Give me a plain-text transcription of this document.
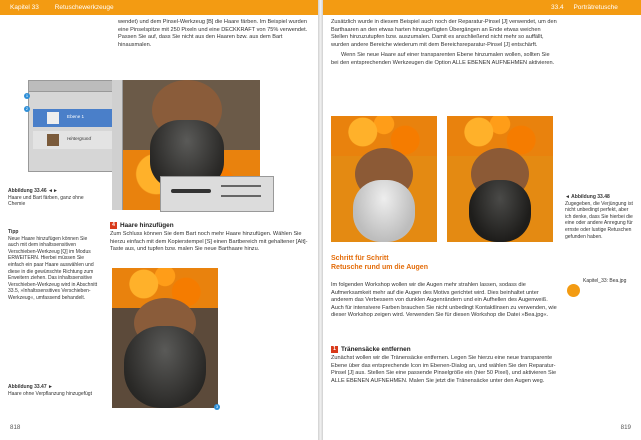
Kapitel 33 Retuschewerkzeuge
wendet) und dem Pinsel-Werkzeug [B] die Haare färben. Im Beispiel wurden eine Pinselspitze mit 250 Pixeln und eine DECKKRAFT von 75% verwendet. Passen Sie auf, dass Sie nicht aus den Haaren bzw. aus dem Bart hinausmalen.
Ebene 1
Hintergrund
1
2
Abbildung 33.46 ◄►
Haare und Bart färben, ganz ohne Chemie
Tipp
Neue Haare hinzufügen können Sie auch mit dem inhaltssensitiven Verschieben-Werkzeug [Q] im Modus ERWEITERN. Hierbei müssen Sie einfach ein paar Haare auswählen und diese in die gewünschte Richtung zum Erweitern ziehen. Das inhaltssensitive Verschieben-Werkzeug wird in Abschnitt 33.5, »Inhaltssensitives Verschieben-Werkzeug«, umfassend behandelt.
4 Haare hinzufügen
Zum Schluss können Sie dem Bart noch mehr Haare hinzufügen. Wählen Sie hierzu einfach mit dem Kopierstempel [S] einen Bartbereich mit gehaltener [Alt]-Taste aus, und tupfen bzw. malen Sie neue Barthaare hinzu.
3
Abbildung 33.47 ►
Haare ohne Verpflanzung hinzugefügt
818
33.4 Porträtretusche

Zusätzlich wurde in diesem Beispiel auch noch der Reparatur-Pinsel [J] verwendet, um den Barthaaren an den etwas harten hinzugefügten Übergängen an Ende etwas weichen Stellen hinzuzutupfen bzw. auszumalen. Damit es anschließend nicht mehr so auffällt, wurden andere Bereiche wiederum mit dem Bereichsreparatur-Pinsel [J] entschärft.

Wenn Sie neue Haare auf einer transparenten Ebene hinzumalen wollen, sollten Sie bei den entsprechenden Werkzeugen die Option ALLE EBENEN AUFNEHMEN aktivieren.

◄ Abbildung 33.48
Zugegeben, die Verjüngung ist nicht unbedingt perfekt, aber ich denke, dass Sie hierbei die eine oder andere Anregung für ernste oder lustige Retuschen gefunden haben.
Schritt für Schritt
Retusche rund um die Augen
Kapitel_33: Bea.jpg
Im folgenden Workshop wollen wir die Augen mehr strahlen lassen, sodass die Aufmerksamkeit mehr auf die Augen des Motivs gerichtet wird. Dies beinhaltet unter anderem das Verbessern von dunklen Augenrändern und ein Aufhellen des Augenweiß. Auch für intensivere Farben brauchen Sie nicht unbedingt Kontaktlinsen zu verwenden, wie dieser Workshop zeigen wird. Verwenden Sie für diesen Workshop die Datei »Bea.jpg«.
1 Tränensäcke entfernen
Zunächst wollen wir die Tränensäcke entfernen. Legen Sie hierzu eine neue transparente Ebene über das entsprechende Icon im Ebenen-Dialog an, und wählen Sie den Reparatur-Pinsel [J] aus. Stellen Sie eine passende Pinselgröße ein (hier 50 Pixel), und aktivieren Sie ALLE EBENEN AUFNEHMEN. Malen Sie jetzt die Tränensäcke unter den Augen weg.
819
